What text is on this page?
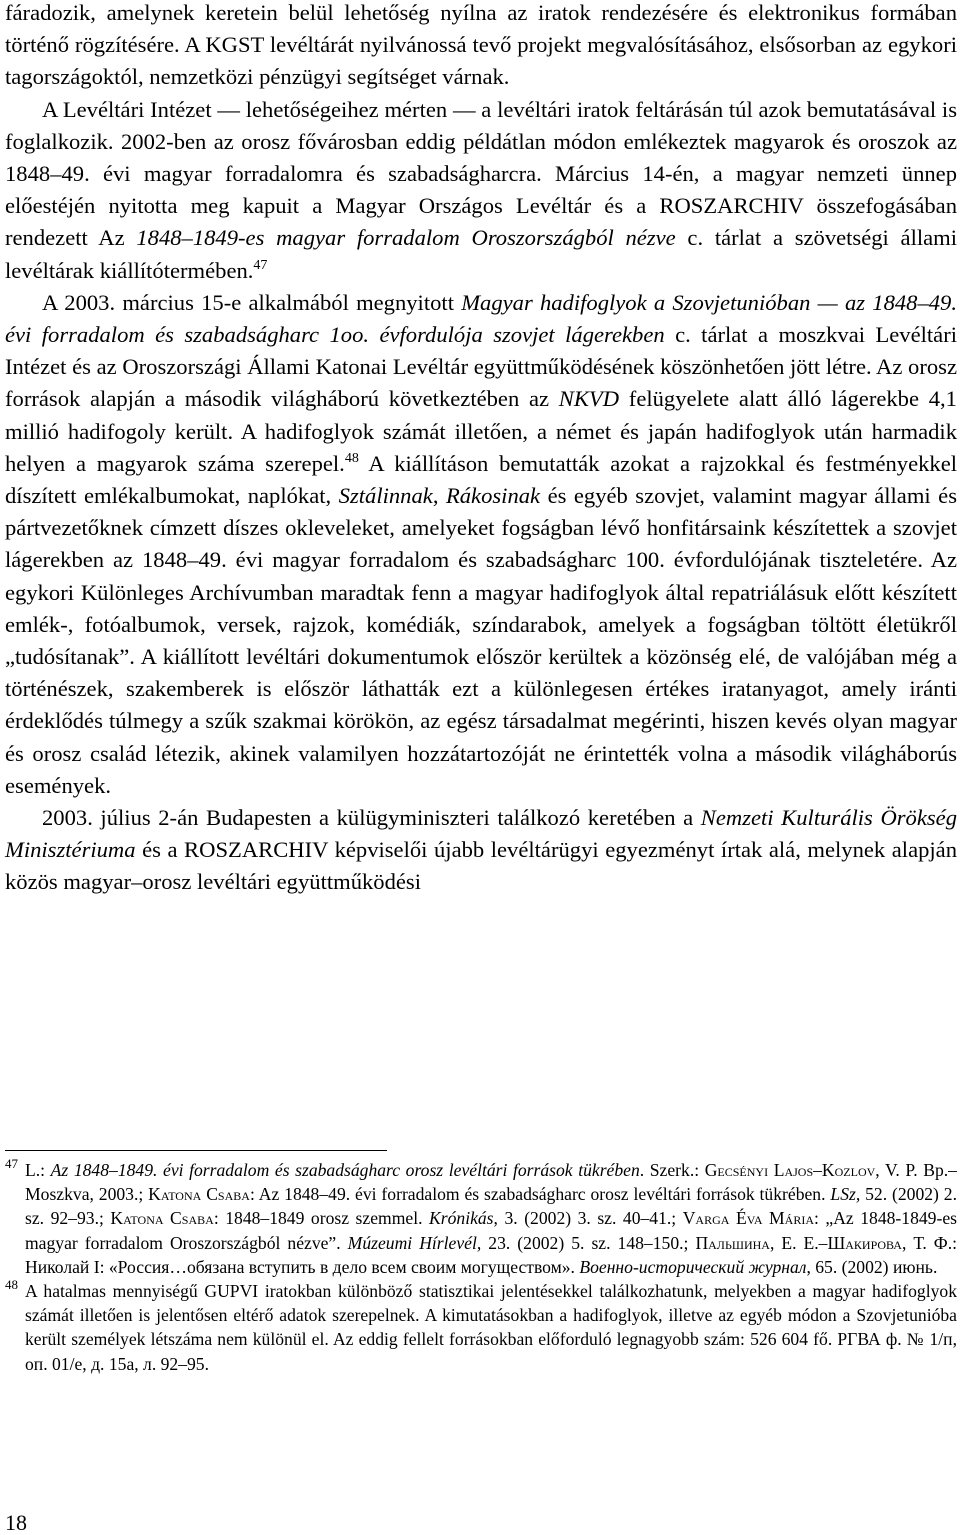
fáradozik, amelynek keretein belül lehetőség nyílna az iratok rendezésére és elektronikus formában történő rögzítésére. A KGST levéltárát nyilvánossá tevő projekt megvalósításához, elsősorban az egykori tagországoktól, nemzetközi pénzügyi segítséget várnak.

A Levéltári Intézet — lehetőségeihez mérten — a levéltári iratok feltárásán túl azok bemutatásával is foglalkozik. 2002-ben az orosz fővárosban eddig példátlan módon emlékeztek magyarok és oroszok az 1848–49. évi magyar forradalomra és szabadságharcra. Március 14-én, a magyar nemzeti ünnep előestéjén nyitotta meg kapuit a Magyar Országos Levéltár és a ROSZARCHIV összefogásában rendezett Az 1848–1849-es magyar forradalom Oroszországból nézve c. tárlat a szövetségi állami levéltárak kiállítótermében.$^{47}$

A 2003. március 15-e alkalmából megnyitott Magyar hadifoglyok a Szovjetunióban — az 1848–49. évi forradalom és szabadságharc 1oo. évfordulója szovjet lágerekben c. tárlat a moszkvai Levéltári Intézet és az Oroszországi Állami Katonai Levéltár együttműködésének köszönhetően jött létre. Az orosz források alapján a második világháború következtében az NKVD felügyelete alatt álló lágerekbe 4,1 millió hadifogoly került. A hadifoglyok számát illetően, a német és japán hadifoglyok után harmadik helyen a magyarok száma szerepel.$^{48}$ A kiállításon bemutatták azokat a rajzokkal és festményekkel díszített emlékalbumokat, naplókat, Sztálinnak, Rákosinak és egyéb szovjet, valamint magyar állami és pártvezetőknek címzett díszes okleveleket, amelyeket fogságban lévő honfitársaink készítettek a szovjet lágerekben az 1848–49. évi magyar forradalom és szabadságharc 100. évfordulójának tiszteletére. Az egykori Különleges Archívumban maradtak fenn a magyar hadifoglyok által repatriálásuk előtt készített emlék-, fotóalbumok, versek, rajzok, komédiák, színdarabok, amelyek a fogságban töltött életükről „tudósítanak”. A kiállított levéltári dokumentumok először kerültek a közönség elé, de valójában még a történészek, szakemberek is először láthatták ezt a különlegesen értékes iratanyagot, amely iránti érdeklődés túlmegy a szűk szakmai körökön, az egész társadalmat megérinti, hiszen kevés olyan magyar és orosz család létezik, akinek valamilyen hozzátartozóját ne érintették volna a második világháborús események.

2003. július 2-án Budapesten a külügyminiszteri találkozó keretében a Nemzeti Kulturális Örökség Minisztériuma és a ROSZARCHIV képviselői újabb levéltárügyi egyezményt írtak alá, melynek alapján közös magyar–orosz levéltári együttműködési

47 L.: Az 1848–1849. évi forradalom és szabadságharc orosz levéltári források tükrében. Szerk.: Gecsényi Lajos–Kozlov, V. P. Bp.–Moszkva, 2003.; Katona Csaba: Az 1848–49. évi forradalom és szabadságharc orosz levéltári források tükrében. LSz, 52. (2002) 2. sz. 92–93.; Katona Csaba: 1848–1849 orosz szemmel. Krónikás, 3. (2002) 3. sz. 40–41.; Varga Éva Mária: „Az 1848-1849-es magyar forradalom Oroszországból nézve”. Múzeumi Hírlevél, 23. (2002) 5. sz. 148–150.; Пальшина, Е. Е.–Шакирова, Т. Ф.: Николай I: «Россия…обязана вступить в дело всем своим могуществом». Военно-исторический журнал, 65. (2002) июнь.

48 A hatalmas mennyiségű GUPVI iratokban különböző statisztikai jelentésekkel találkozhatunk, melyekben a magyar hadifoglyok számát illetően is jelentősen eltérő adatok szerepelnek. A kimutatásokban a hadifoglyok, illetve az egyéb módon a Szovjetunióba került személyek létszáma nem különül el. Az eddig fellelt forrásokban előforduló legnagyobb szám: 526 604 fő. РГВА ф. № 1/п, оп. 01/е, д. 15а, л. 92–95.

18
